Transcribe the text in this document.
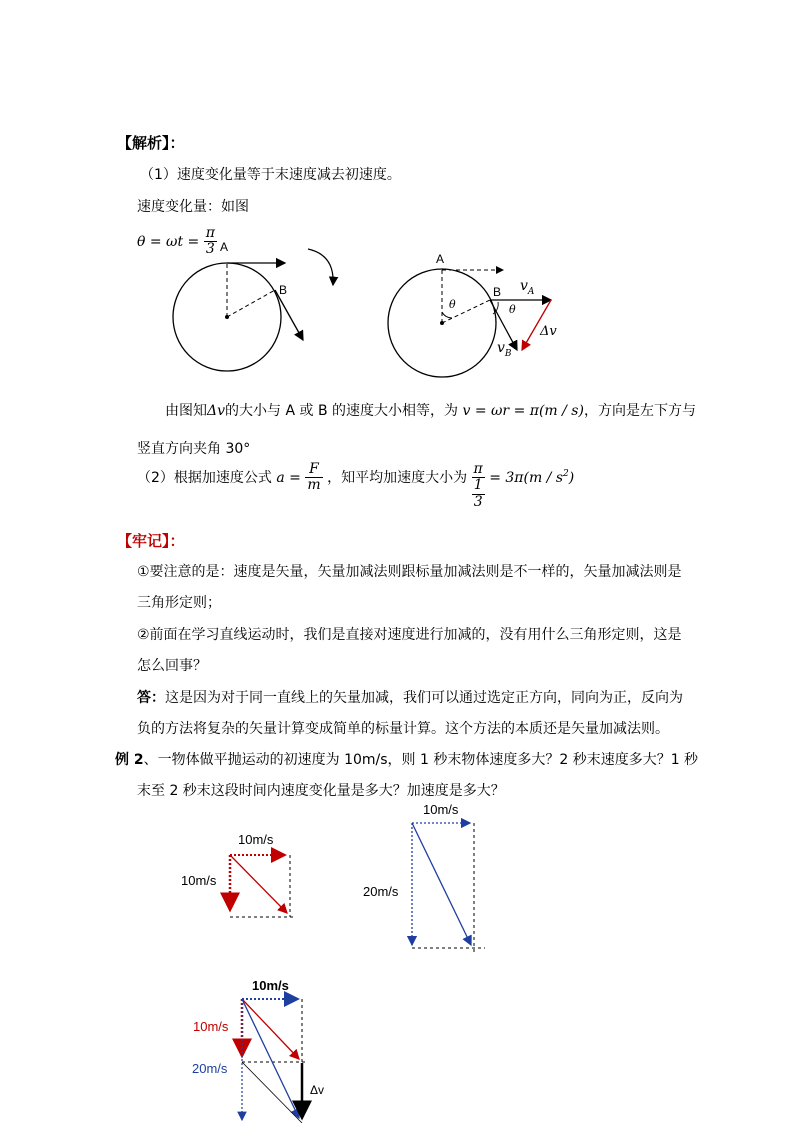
【解析】：
（1）速度变化量等于末速度减去初速度。
速度变化量：如图
$\theta = \omega t = \frac{\pi}{3}$ A
B
A
B
θ	θ
$v_A$
$v_B$
Δv
由图知Δv的大小与 A 或 B 的速度大小相等，为 v = ωr = π(m / s)，方向是左下方与
竖直方向夹角 30°
（2）根据加速度公式 $a = \frac{F}{m}$ ，知平均加速度大小为
π
1
3
= $3\pi(m / s^2)$
【牢记】：
①要注意的是：速度是矢量，矢量加减法则跟标量加减法则是不一样的，矢量加减法则是
三角形定则；
②前面在学习直线运动时，我们是直接对速度进行加减的，没有用什么三角形定则，这是
怎么回事？
答：这是因为对于同一直线上的矢量加减，我们可以通过选定正方向，同向为正，反向为
负的方法将复杂的矢量计算变成简单的标量计算。这个方法的本质还是矢量加减法则。
例 2、一物体做平抛运动的初速度为 10m/s，则 1 秒末物体速度多大？2 秒末速度多大？1 秒
末至 2 秒末这段时间内速度变化量是多大？加速度是多大？
10m/s
10m/s
10m/s
20m/s
10m/s
10m/s
20m/s
Δv
